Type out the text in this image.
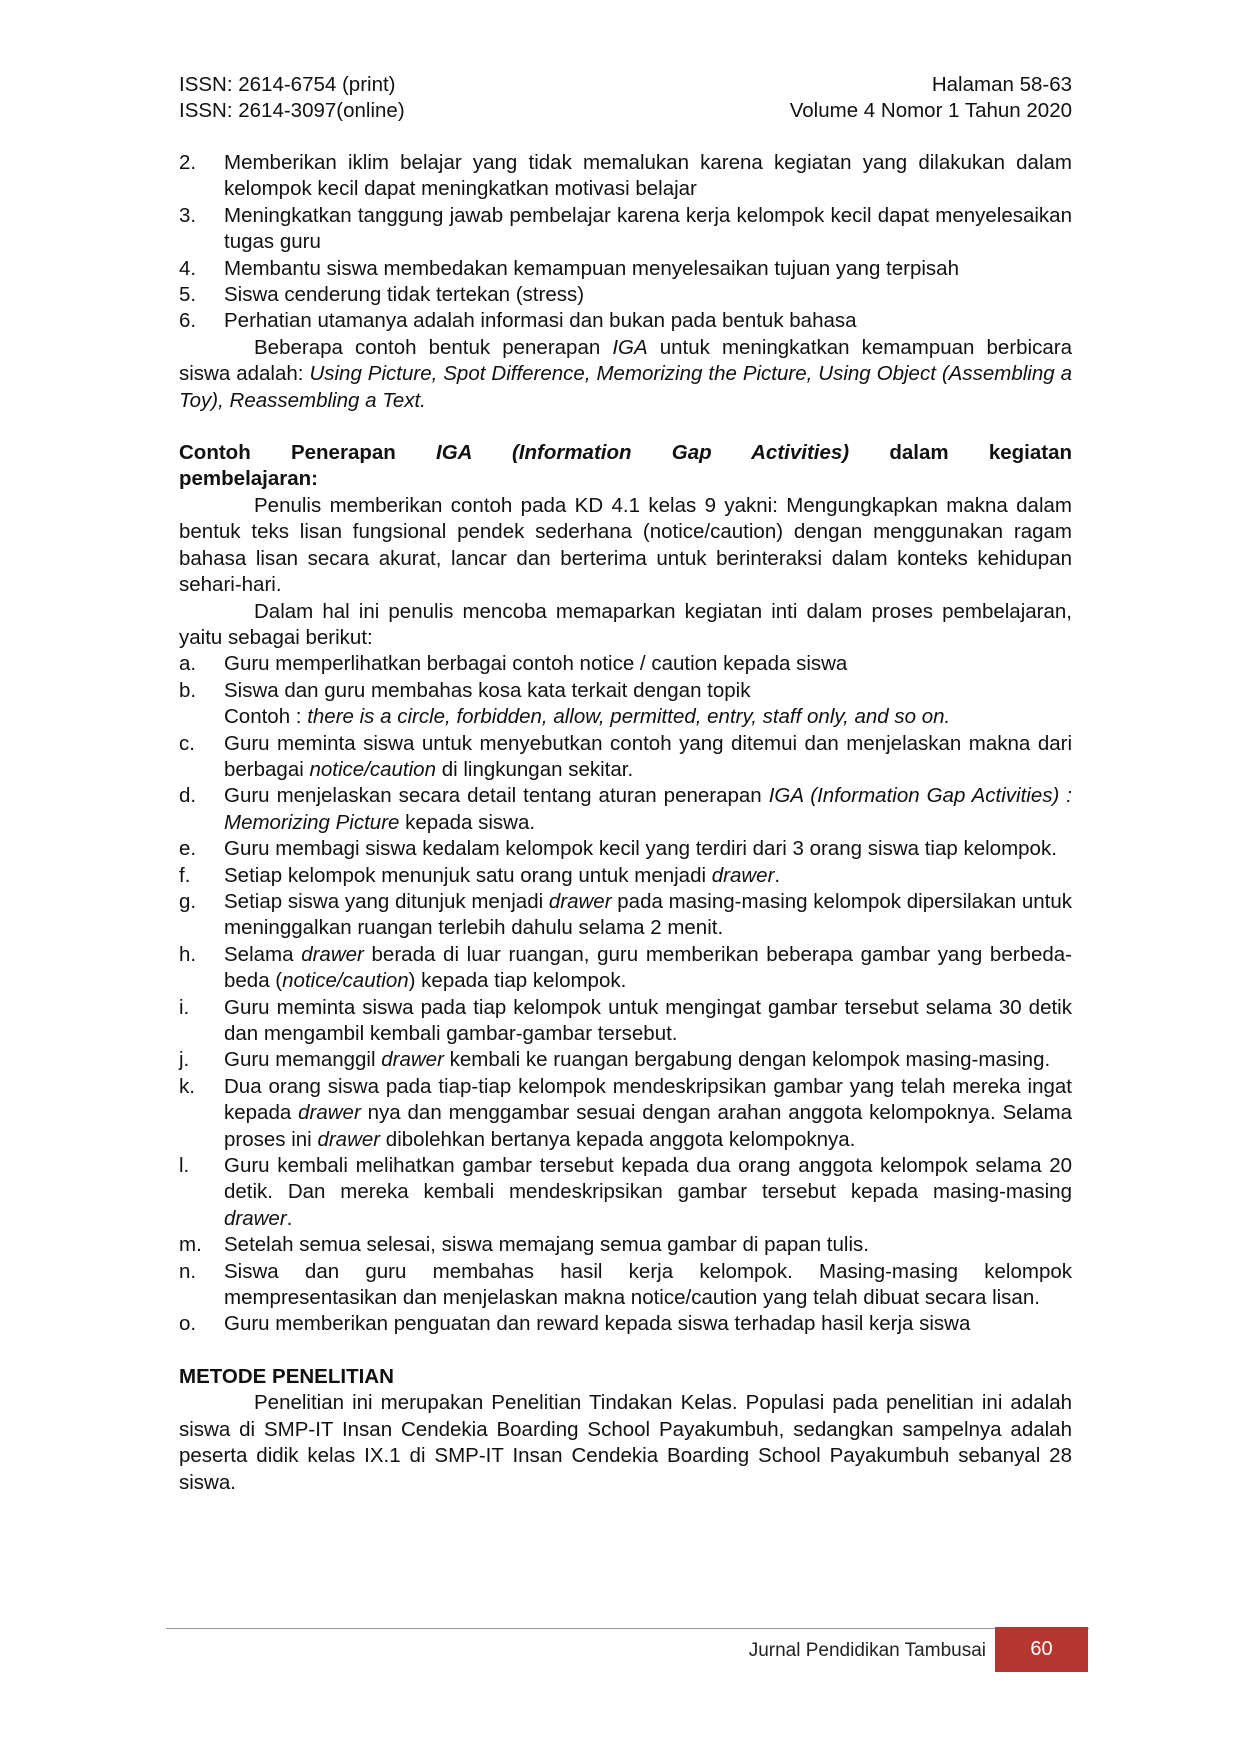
ISSN: 2614-6754 (print)	Halaman 58-63
ISSN: 2614-3097(online)	Volume 4 Nomor 1 Tahun 2020
2.	Memberikan iklim belajar yang tidak memalukan karena kegiatan yang dilakukan dalam kelompok kecil dapat meningkatkan motivasi belajar
3.	Meningkatkan tanggung jawab pembelajar karena kerja kelompok kecil dapat menyelesaikan tugas guru
4.	Membantu siswa membedakan kemampuan menyelesaikan tujuan yang terpisah
5.	Siswa cenderung tidak tertekan (stress)
6.	Perhatian utamanya adalah informasi dan bukan pada bentuk bahasa
Beberapa contoh bentuk penerapan IGA untuk meningkatkan kemampuan berbicara siswa adalah: Using Picture, Spot Difference, Memorizing the Picture, Using Object (Assembling a Toy), Reassembling a Text.
Contoh Penerapan IGA (Information Gap Activities) dalam kegiatan
pembelajaran:
Penulis memberikan contoh pada KD 4.1 kelas 9 yakni: Mengungkapkan makna dalam bentuk teks lisan fungsional pendek sederhana (notice/caution) dengan menggunakan ragam bahasa lisan secara akurat, lancar dan berterima untuk berinteraksi dalam konteks kehidupan sehari-hari.
Dalam hal ini penulis mencoba memaparkan kegiatan inti dalam proses pembelajaran, yaitu sebagai berikut:
a.	Guru memperlihatkan berbagai contoh notice / caution kepada siswa
b.	Siswa dan guru membahas kosa kata terkait dengan topik
Contoh : there is a circle, forbidden, allow, permitted, entry, staff only, and so on.
c.	Guru meminta siswa untuk menyebutkan contoh yang ditemui dan menjelaskan makna dari berbagai notice/caution di lingkungan sekitar.
d.	Guru menjelaskan secara detail tentang aturan penerapan IGA (Information Gap Activities) : Memorizing Picture kepada siswa.
e.	Guru membagi siswa kedalam kelompok kecil yang terdiri dari 3 orang siswa tiap kelompok.
f.	Setiap kelompok menunjuk satu orang untuk menjadi drawer.
g.	Setiap siswa yang ditunjuk menjadi drawer pada masing-masing kelompok dipersilakan untuk meninggalkan ruangan terlebih dahulu selama 2 menit.
h.	Selama drawer berada di luar ruangan, guru memberikan beberapa gambar yang berbeda-beda (notice/caution) kepada tiap kelompok.
i.	Guru meminta siswa pada tiap kelompok untuk mengingat gambar tersebut selama 30 detik dan mengambil kembali gambar-gambar tersebut.
j.	Guru memanggil drawer kembali ke ruangan bergabung dengan kelompok masing-masing.
k.	Dua orang siswa pada tiap-tiap kelompok mendeskripsikan gambar yang telah mereka ingat kepada drawer nya dan menggambar sesuai dengan arahan anggota kelompoknya. Selama proses ini drawer dibolehkan bertanya kepada anggota kelompoknya.
l.	Guru kembali melihatkan gambar tersebut kepada dua orang anggota kelompok selama 20 detik. Dan mereka kembali mendeskripsikan gambar tersebut kepada masing-masing drawer.
m.	Setelah semua selesai, siswa memajang semua gambar di papan tulis.
n.	Siswa dan guru membahas hasil kerja kelompok. Masing-masing kelompok mempresentasikan dan menjelaskan makna notice/caution yang telah dibuat secara lisan.
o.	Guru memberikan penguatan dan reward kepada siswa terhadap hasil kerja siswa
METODE PENELITIAN
Penelitian ini merupakan Penelitian Tindakan Kelas. Populasi pada penelitian ini adalah siswa di SMP-IT Insan Cendekia Boarding School Payakumbuh, sedangkan sampelnya adalah peserta didik kelas IX.1 di SMP-IT Insan Cendekia Boarding School Payakumbuh sebanyal 28 siswa.
Jurnal Pendidikan Tambusai	60
